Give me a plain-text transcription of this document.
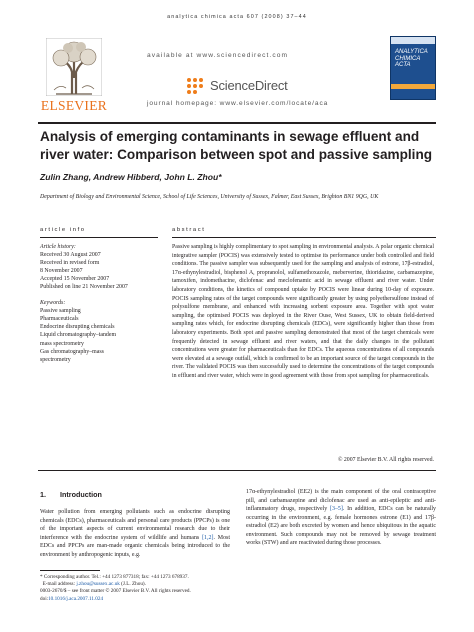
analytica chimica acta 607 (2008) 37–44
ELSEVIER
available at www.sciencedirect.com
ScienceDirect
journal homepage: www.elsevier.com/locate/aca
ANALYTICA CHIMICA ACTA
Analysis of emerging contaminants in sewage effluent and river water: Comparison between spot and passive sampling
Zulin Zhang, Andrew Hibberd, John L. Zhou*
Department of Biology and Environmental Science, School of Life Sciences, University of Sussex, Falmer, East Sussex, Brighton BN1 9QG, UK
article info	abstract
Article history:
Received 30 August 2007
Received in revised form
8 November 2007
Accepted 15 November 2007
Published on line 21 November 2007
Keywords:
Passive sampling
Pharmaceuticals
Endocrine disrupting chemicals
Liquid chromatography–tandem
mass spectrometry
Gas chromatography–mass
spectrometry

Passive sampling is highly complimentary to spot sampling in environmental analysis. A polar organic chemical integrative sampler (POCIS) was extensively tested to optimise its performance under both controlled and field conditions. The passive sampler was subsequently used for the sampling and analysis of estrone, 17β-estradiol, 17α-ethynylestradiol, bisphenol A, propranolol, sulfamethoxazole, meberverine, thioridazine, carbamazepine, tamoxifen, indomethacine, diclofenac and meclofenamic acid in sewage effluent and river water. Under laboratory conditions, the kinetics of compound uptake by POCIS were linear during 10-day of exposure. POCIS sampling rates of the target compounds were significantly greater by using polyethersulfone instead of polysulfone membrane, and enhanced with increasing sorbent exposure area. Together with spot water sampling, the optimised POCIS was deployed in the River Ouse, West Sussex, UK to obtain field-derived sampling rates which, for endocrine disrupting chemicals (EDCs), were significantly higher than those from laboratory experiments. Both spot and passive sampling demonstrated that most of the target chemicals were frequently detected in sewage effluent and river waters, and that the daily changes in the pollutant concentrations were greater for pharmaceuticals than for EDCs. The aqueous concentrations of all compounds were elevated at a sewage outfall, which is confirmed to be an important source of the target compounds in the river. The validated POCIS was then successfully used to determine the concentrations of the target compounds in effluent and river water, which were in good agreement with those from spot sampling for pharmaceuticals.

© 2007 Elsevier B.V. All rights reserved.
1. Introduction

Water pollution from emerging pollutants such as endocrine disrupting chemicals (EDCs), pharmaceuticals and personal care products (PPCPs) is one of the important aspects of current environmental research due to their interference with the endocrine system of wildlife and humans [1,2]. Most EDCs and PPCPs are man-made organic chemicals being introduced to the environment by anthropogenic inputs, e.g.

17α-ethynylestradiol (EE2) is the main component of the oral contraceptive pill, and carbamazepine and diclofenac are used as anti-epileptic and anti-inflammatory drugs, respectively [3–5]. In addition, EDCs can be naturally occurring in the environment, e.g. female hormones estrone (E1) and 17β-estradiol (E2) are both excreted by women and hence ubiquitous in the aquatic environment. Such compounds may not be removed by sewage treatment works (STW) and are reactivated during those processes.

* Corresponding author. Tel.: +44 1273 877318; fax: +44 1273 678937.
E-mail address: j.zhou@sussex.ac.uk (J.L. Zhou).
0003-2670/$ – see front matter © 2007 Elsevier B.V. All rights reserved.
doi:10.1016/j.aca.2007.11.024
